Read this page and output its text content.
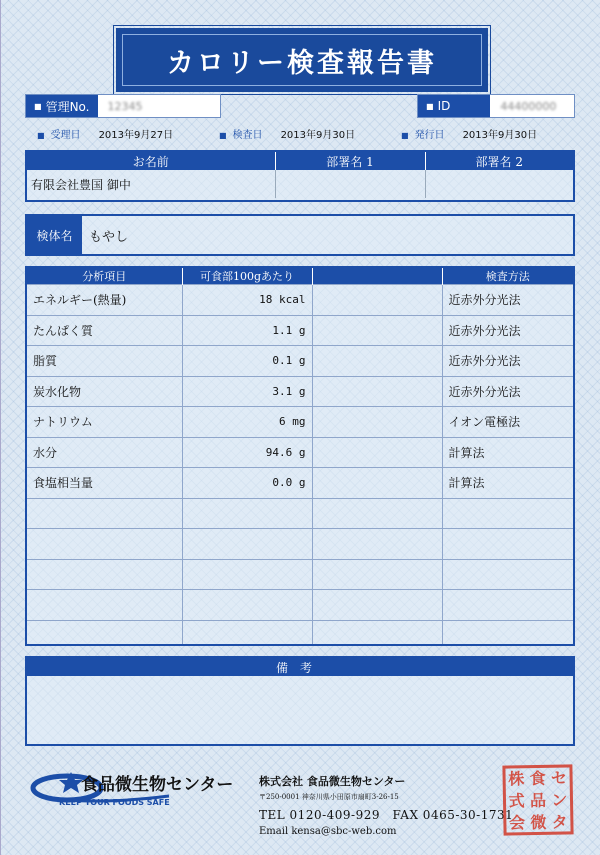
カロリー検査報告書
■ 管理No.	12345	■ ID	44400000
■ 受理日 2013年9月27日	■ 検査日 2013年9月30日	■ 発行日 2013年9月30日
お名前	部署名 1	部署名 2
有限会社豊国 御中		
検体名	もやし
分析項目	可食部100gあたり		検査方法
エネルギー(熱量)	18 kcal		近赤外分光法
たんぱく質	1.1 g		近赤外分光法
脂質	0.1 g		近赤外分光法
炭水化物	3.1 g		近赤外分光法
ナトリウム	6 mg		イオン電極法
水分	94.6 g		計算法
食塩相当量	0.0 g		計算法

備考
食品微生物センター
KEEP YOUR FOODS SAFE
株式会社 食品微生物センター
〒250-0001 神奈川県小田原市扇町3-26-15
TEL 0120-409-929　FAX 0465-30-1731
Email kensa@sbc-web.com
株 食 セ
式 品 ン
会 微 タ
